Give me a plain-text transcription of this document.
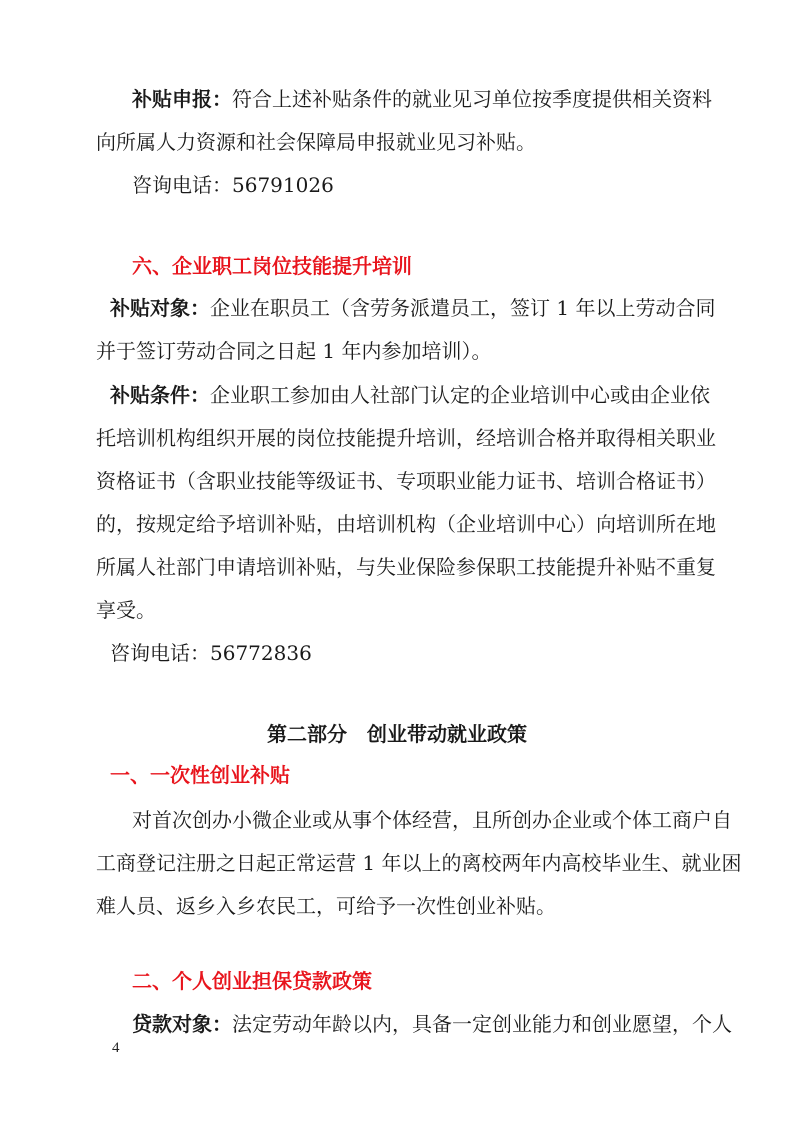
补贴申报：符合上述补贴条件的就业见习单位按季度提供相关资料
向所属人力资源和社会保障局申报就业见习补贴。
咨询电话：56791026
六、企业职工岗位技能提升培训
补贴对象：企业在职员工（含劳务派遣员工，签订 1 年以上劳动合同
并于签订劳动合同之日起 1 年内参加培训）。
补贴条件：企业职工参加由人社部门认定的企业培训中心或由企业依
托培训机构组织开展的岗位技能提升培训，经培训合格并取得相关职业
资格证书（含职业技能等级证书、专项职业能力证书、培训合格证书）
的，按规定给予培训补贴，由培训机构（企业培训中心）向培训所在地
所属人社部门申请培训补贴，与失业保险参保职工技能提升补贴不重复
享受。
咨询电话：56772836
第二部分　创业带动就业政策
一、一次性创业补贴
对首次创办小微企业或从事个体经营，且所创办企业或个体工商户自
工商登记注册之日起正常运营 1 年以上的离校两年内高校毕业生、就业困
难人员、返乡入乡农民工，可给予一次性创业补贴。
二、个人创业担保贷款政策
贷款对象：法定劳动年龄以内，具备一定创业能力和创业愿望，个人
4
